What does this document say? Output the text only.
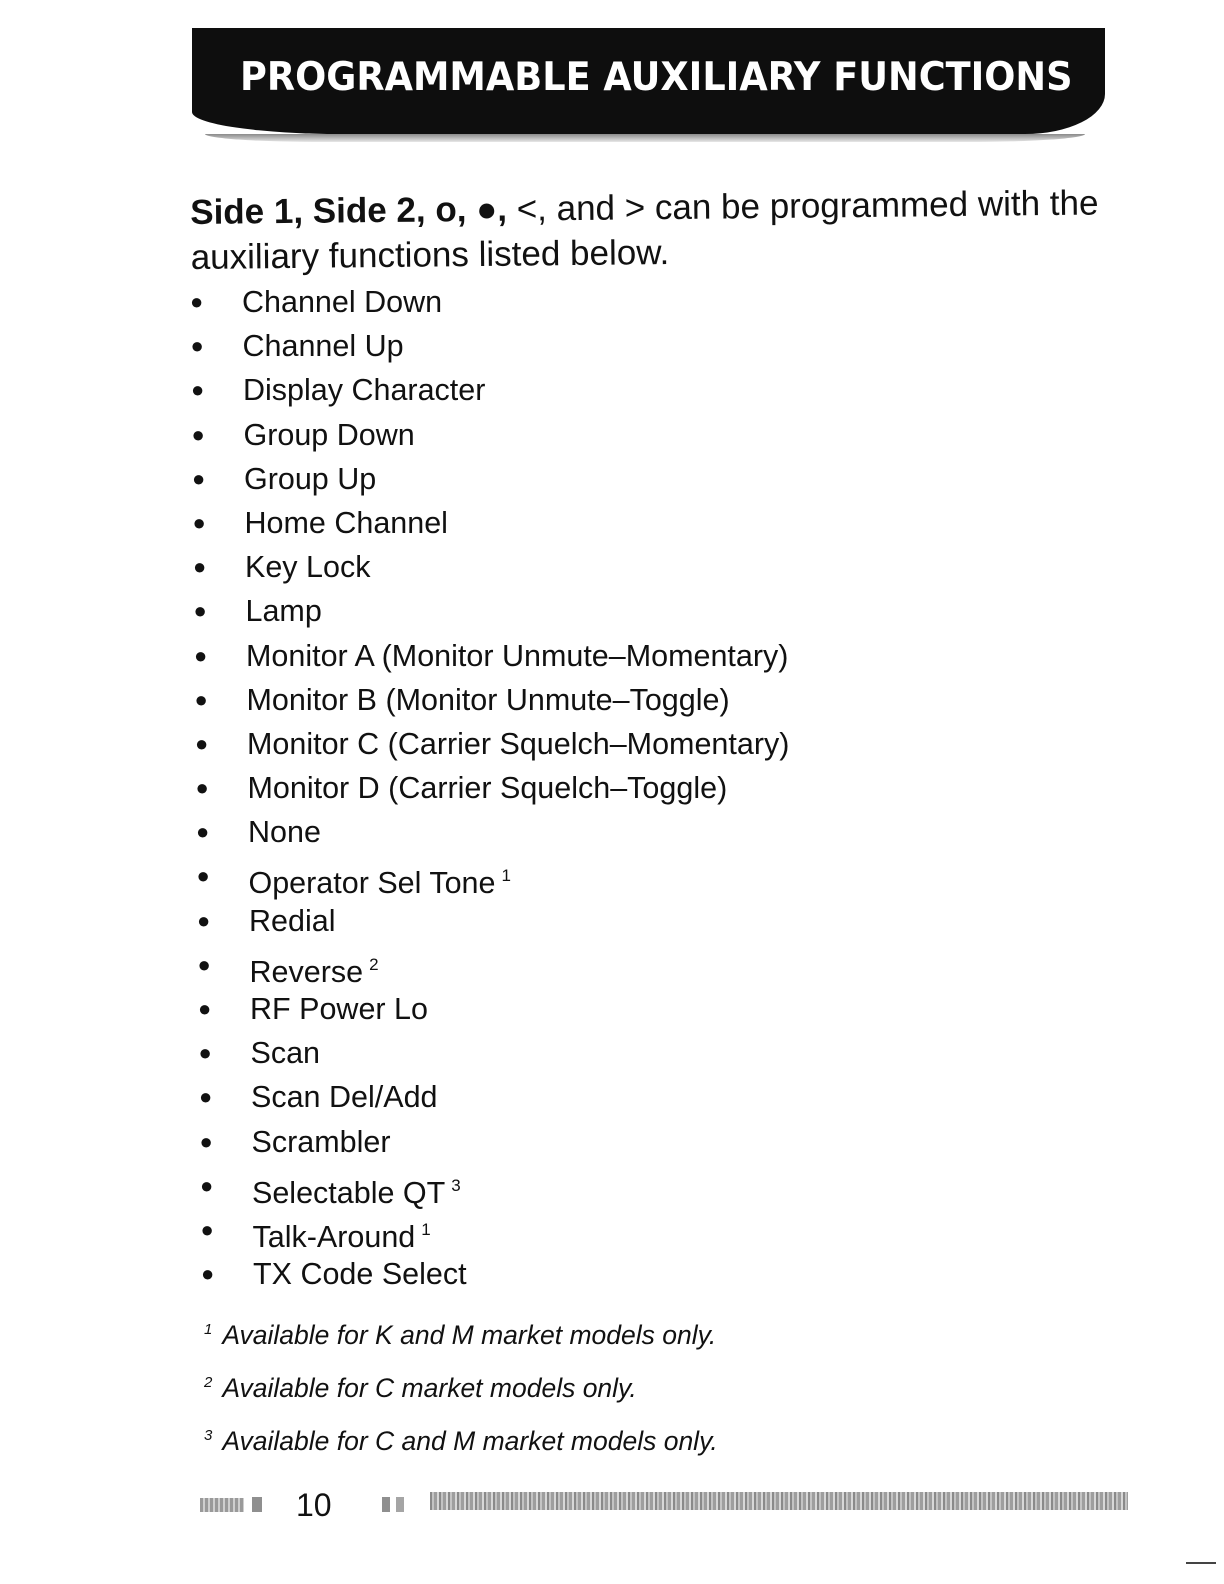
PROGRAMMABLE AUXILIARY FUNCTIONS

Side 1, Side 2, o, ●, <, and > can be programmed with the auxiliary functions listed below.

● Channel Down
● Channel Up
● Display Character
● Group Down
● Group Up
● Home Channel
● Key Lock
● Lamp
● Monitor A (Monitor Unmute–Momentary)
● Monitor B (Monitor Unmute–Toggle)
● Monitor C (Carrier Squelch–Momentary)
● Monitor D (Carrier Squelch–Toggle)
● None
● Operator Sel Tone $^1$
● Redial
● Reverse $^2$
● RF Power Lo
● Scan
● Scan Del/Add
● Scrambler
● Selectable QT $^3$
● Talk-Around $^1$
● TX Code Select
$^1$ Available for K and M market models only.
$^2$ Available for C market models only.
$^3$ Available for C and M market models only.
10
